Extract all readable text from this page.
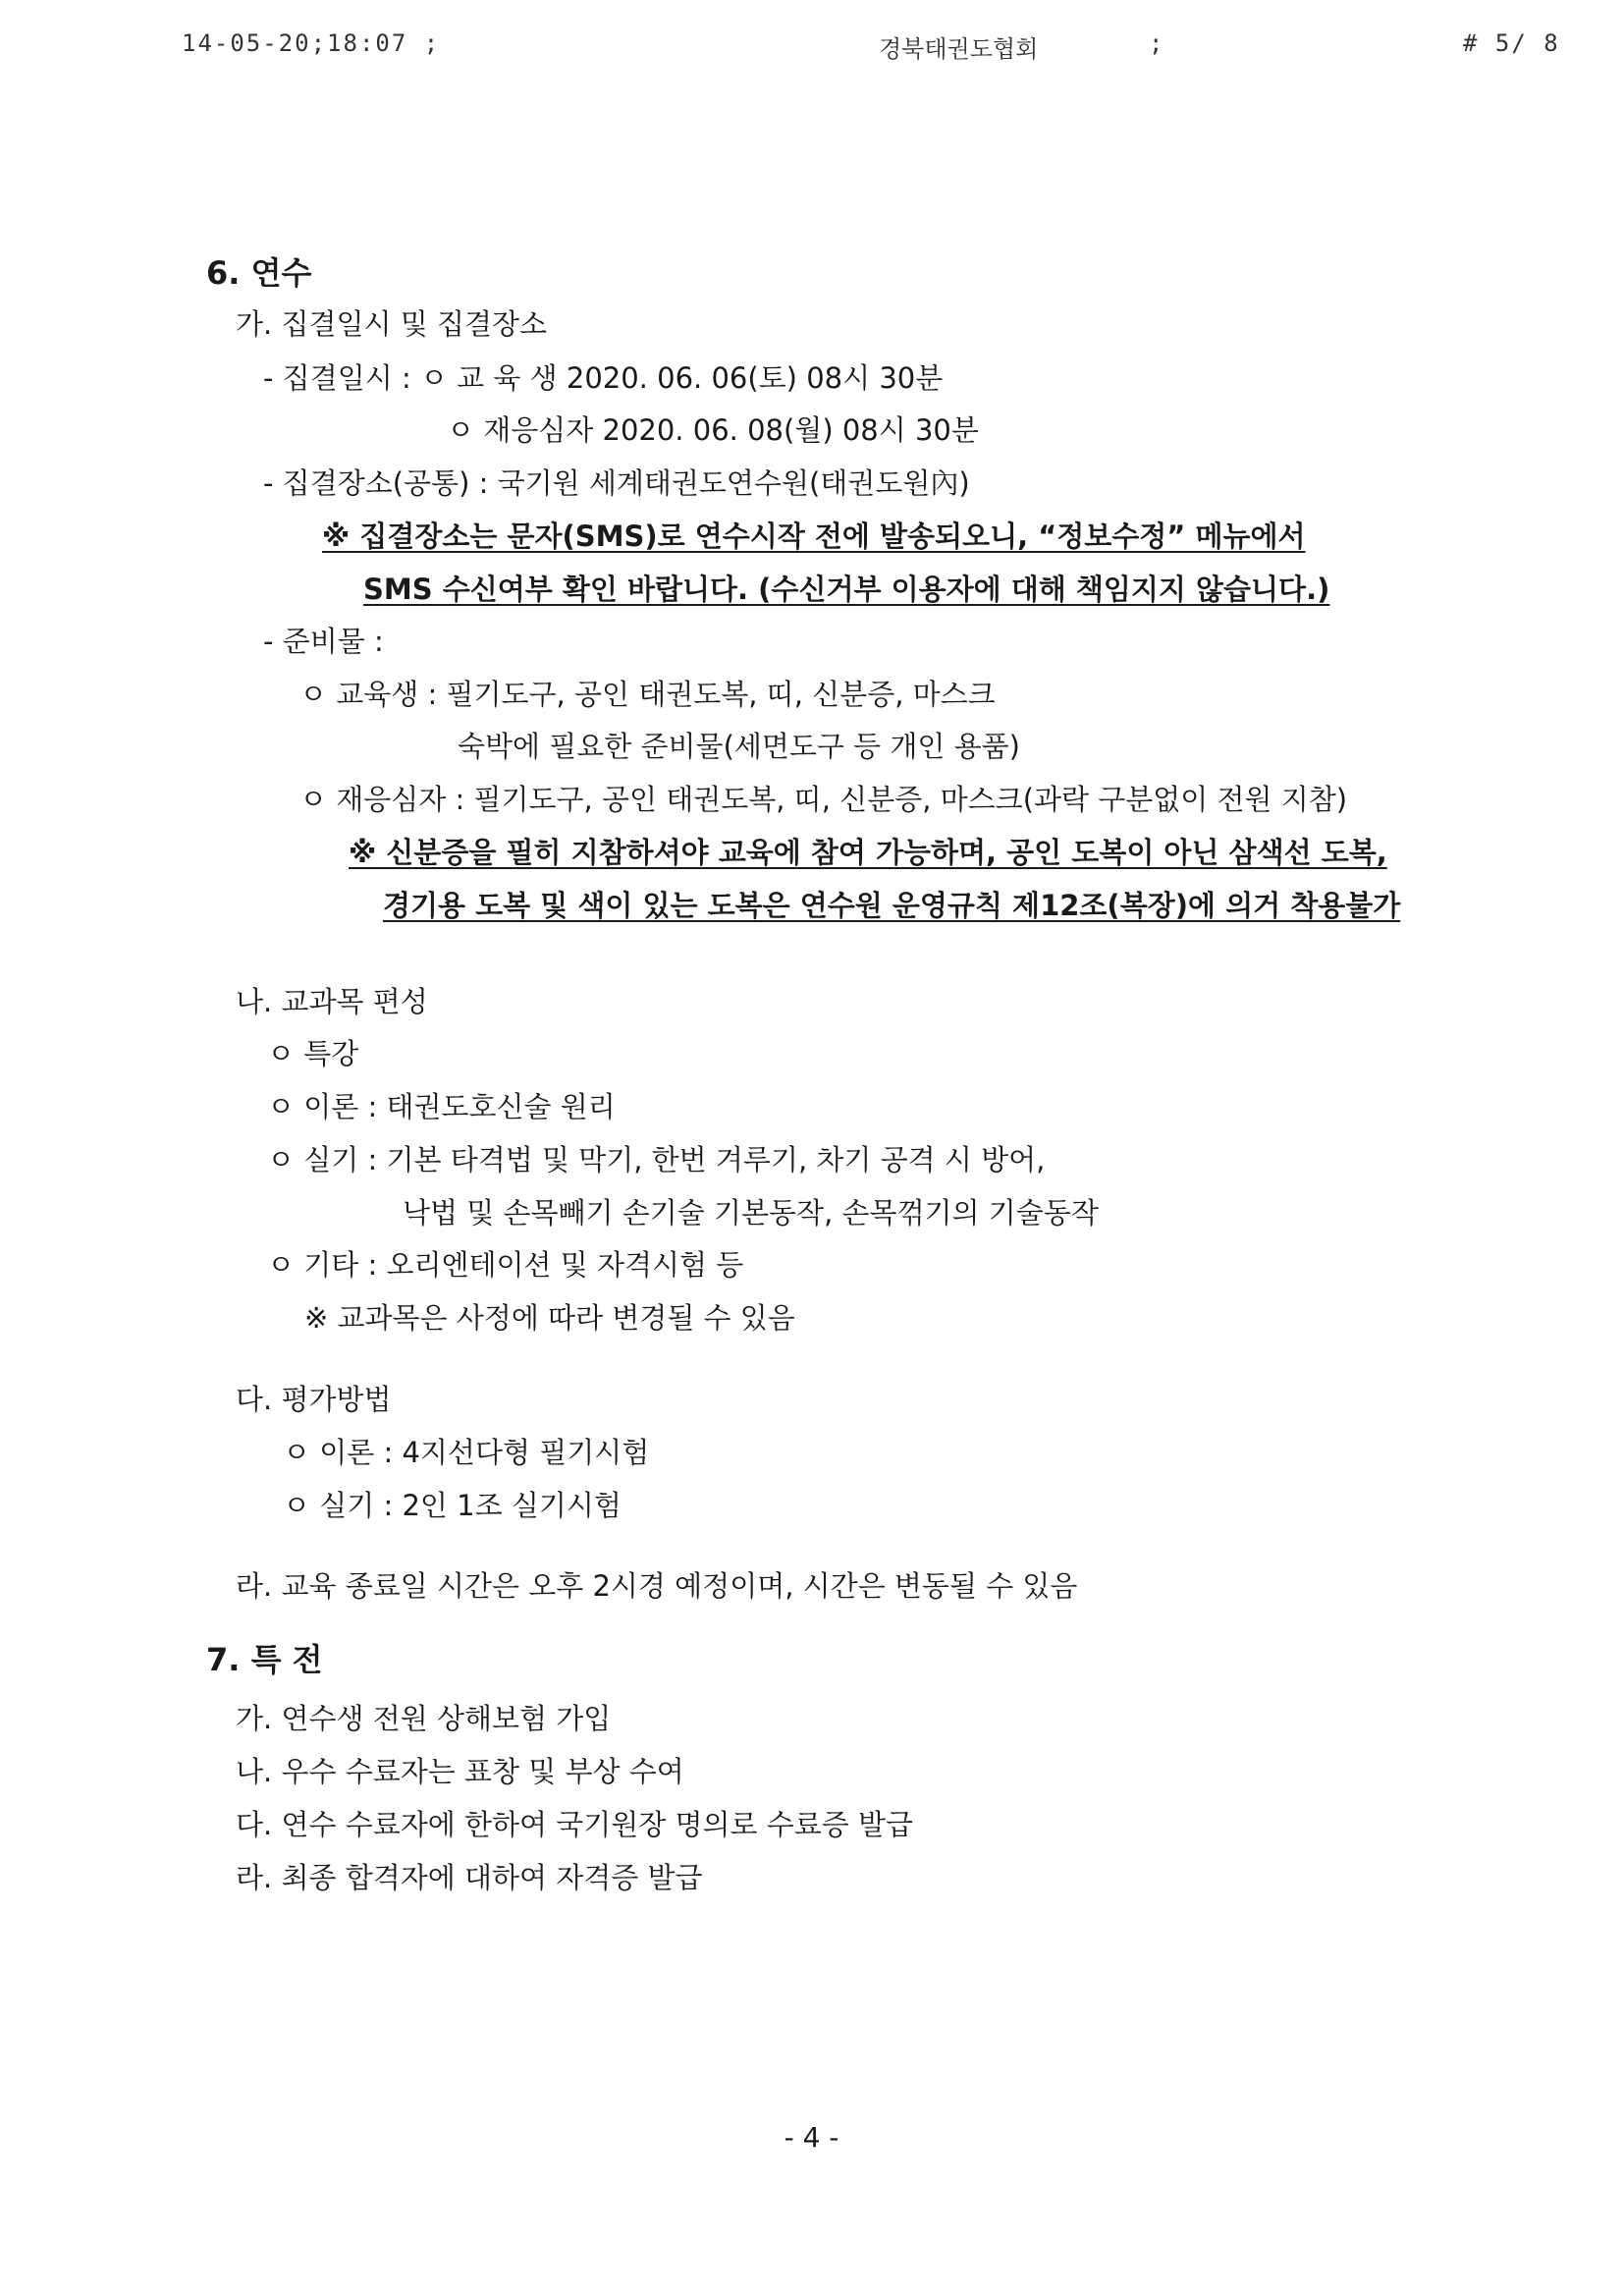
14-05-20;18:07 ;	경북태권도협회	;	# 5/ 8
6. 연수
가. 집결일시 및 집결장소
- 집결일시 : ㅇ 교 육 생 2020. 06. 06(토) 08시 30분
ㅇ 재응심자 2020. 06. 08(월) 08시 30분
- 집결장소(공통) : 국기원 세계태권도연수원(태권도원內)
※ 집결장소는 문자(SMS)로 연수시작 전에 발송되오니, “정보수정” 메뉴에서
SMS 수신여부 확인 바랍니다. (수신거부 이용자에 대해 책임지지 않습니다.)
- 준비물 :
ㅇ 교육생 : 필기도구, 공인 태권도복, 띠, 신분증, 마스크
숙박에 필요한 준비물(세면도구 등 개인 용품)
ㅇ 재응심자 : 필기도구, 공인 태권도복, 띠, 신분증, 마스크(과락 구분없이 전원 지참)
※ 신분증을 필히 지참하셔야 교육에 참여 가능하며, 공인 도복이 아닌 삼색선 도복,
경기용 도복 및 색이 있는 도복은 연수원 운영규칙 제12조(복장)에 의거 착용불가
나. 교과목 편성
ㅇ 특강
ㅇ 이론 : 태권도호신술 원리
ㅇ 실기 : 기본 타격법 및 막기, 한번 겨루기, 차기 공격 시 방어,
낙법 및 손목빼기 손기술 기본동작, 손목꺾기의 기술동작
ㅇ 기타 : 오리엔테이션 및 자격시험 등
※ 교과목은 사정에 따라 변경될 수 있음
다. 평가방법
ㅇ 이론 : 4지선다형 필기시험
ㅇ 실기 : 2인 1조 실기시험
라. 교육 종료일 시간은 오후 2시경 예정이며, 시간은 변동될 수 있음
7. 특 전
가. 연수생 전원 상해보험 가입
나. 우수 수료자는 표창 및 부상 수여
다. 연수 수료자에 한하여 국기원장 명의로 수료증 발급
라. 최종 합격자에 대하여 자격증 발급
- 4 -
